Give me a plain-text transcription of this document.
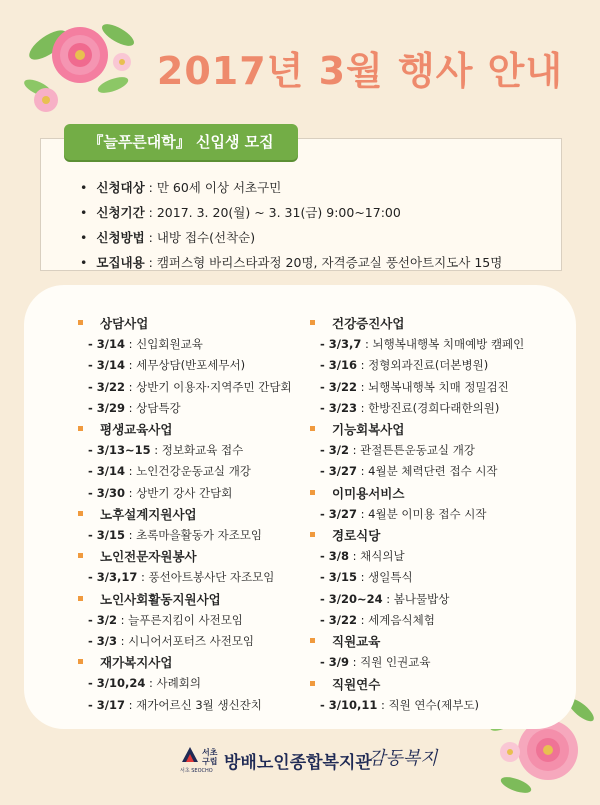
2017년 3월 행사 안내
『늘푸른대학』 신입생 모집
• 신청대상 : 만 60세 이상 서초구민
• 신청기간 : 2017. 3. 20(월) ~ 3. 31(금) 9:00~17:00
• 신청방법 : 내방 접수(선착순)
• 모집내용 : 캠퍼스형 바리스타과정 20명, 자격증교실 풍선아트지도사 15명
상담사업
- 3/14 : 신입회원교육
- 3/14 : 세무상담(반포세무서)
- 3/22 : 상반기 이용자·지역주민 간담회
- 3/29 : 상담특강
평생교육사업
- 3/13~15 : 정보화교육 접수
- 3/14 : 노인건강운동교실 개강
- 3/30 : 상반기 강사 간담회
노후설계지원사업
- 3/15 : 초록마을활동가 자조모임
노인전문자원봉사
- 3/3,17 : 풍선아트봉사단 자조모임
노인사회활동지원사업
- 3/2 : 늘푸른지킴이 사전모임
- 3/3 : 시니어서포터즈 사전모임
재가복지사업
- 3/10,24 : 사례회의
- 3/17 : 재가어르신 3월 생신잔치
건강증진사업
- 3/3,7 : 뇌행복내행복 치매예방 캠페인
- 3/16 : 정형외과진료(더본병원)
- 3/22 : 뇌행복내행복 치매 정밀검진
- 3/23 : 한방진료(경희다래한의원)
기능회복사업
- 3/2 : 관절튼튼운동교실 개강
- 3/27 : 4월분 체력단련 접수 시작
이미용서비스
- 3/27 : 4월분 이미용 접수 시작
경로식당
- 3/8 : 채식의날
- 3/15 : 생일특식
- 3/20~24 : 봄나물밥상
- 3/22 : 세계음식체험
직원교육
- 3/9 : 직원 인권교육
직원연수
- 3/10,11 : 직원 연수(제부도)
서초 SEOCHO
서초구립 방배노인종합복지관
감동복지
